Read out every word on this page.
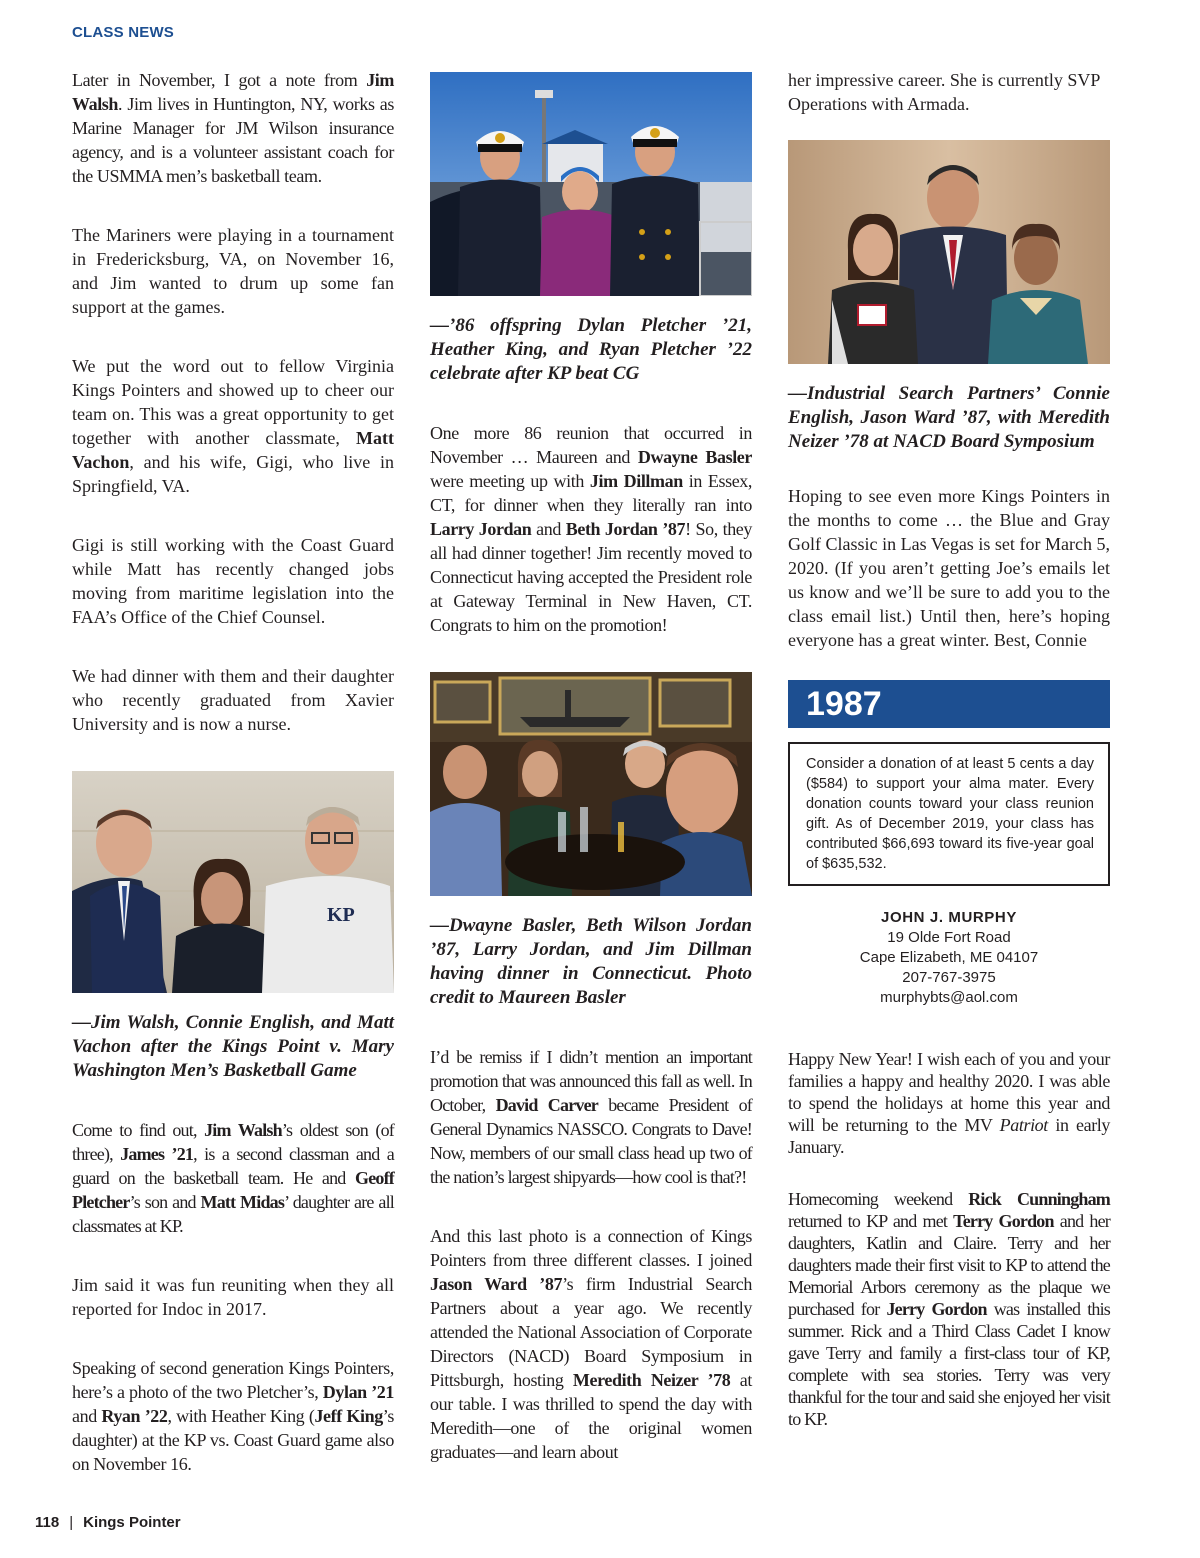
CLASS NEWS

Later in November, I got a note from Jim Walsh. Jim lives in Huntington, NY, works as Marine Manager for JM Wilson insurance agency, and is a volunteer assistant coach for the USMMA men’s basketball team.

The Mariners were playing in a tournament in Fredericksburg, VA, on November 16, and Jim wanted to drum up some fan support at the games.

We put the word out to fellow Virginia Kings Pointers and showed up to cheer our team on. This was a great opportunity to get together with another classmate, Matt Vachon, and his wife, Gigi, who live in Springfield, VA.

Gigi is still working with the Coast Guard while Matt has recently changed jobs moving from maritime legislation into the FAA’s Office of the Chief Counsel.

We had dinner with them and their daughter who recently graduated from Xavier University and is now a nurse.

KP

—Jim Walsh, Connie English, and Matt Vachon after the Kings Point v. Mary Washington Men’s Basketball Game

Come to find out, Jim Walsh’s oldest son (of three), James ’21, is a second classman and a guard on the basketball team. He and Geoff Pletcher’s son and Matt Midas’ daughter are all classmates at KP.

Jim said it was fun reuniting when they all reported for Indoc in 2017.

Speaking of second generation Kings Pointers, here’s a photo of the two Pletcher’s, Dylan ’21 and Ryan ’22, with Heather King (Jeff King’s daughter) at the KP vs. Coast Guard game also on November 16.

—’86 offspring Dylan Pletcher ’21, Heather King, and Ryan Pletcher ’22 celebrate after KP beat CG

One more 86 reunion that occurred in November … Maureen and Dwayne Basler were meeting up with Jim Dillman in Essex, CT, for dinner when they literally ran into Larry Jordan and Beth Jordan ’87! So, they all had dinner together! Jim recently moved to Connecticut having accepted the President role at Gateway Terminal in New Haven, CT. Congrats to him on the promotion!

—Dwayne Basler, Beth Wilson Jordan ’87, Larry Jordan, and Jim Dillman having dinner in Connecticut. Photo credit to Maureen Basler

I’d be remiss if I didn’t mention an important promotion that was announced this fall as well. In October, David Carver became President of General Dynamics NASSCO. Congrats to Dave! Now, members of our small class head up two of the nation’s largest shipyards—how cool is that?!

And this last photo is a connection of Kings Pointers from three different classes. I joined Jason Ward ’87’s firm Industrial Search Partners about a year ago. We recently attended the National Association of Corporate Directors (NACD) Board Symposium in Pittsburgh, hosting Meredith Neizer ’78 at our table. I was thrilled to spend the day with Meredith—one of the original women graduates—and learn about

her impressive career. She is currently SVP Operations with Armada.

—Industrial Search Partners’ Connie English, Jason Ward ’87, with Meredith Neizer ’78 at NACD Board Symposium

Hoping to see even more Kings Pointers in the months to come … the Blue and Gray Golf Classic in Las Vegas is set for March 5, 2020. (If you aren’t getting Joe’s emails let us know and we’ll be sure to add you to the class email list.) Until then, here’s hoping everyone has a great winter. Best, Connie

1987
Consider a donation of at least 5 cents a day ($584) to support your alma mater. Every donation counts toward your class reunion gift. As of December 2019, your class has contributed $66,693 toward its five-year goal of $635,532.
JOHN J. MURPHY
19 Olde Fort Road
Cape Elizabeth, ME 04107
207-767-3975
murphybts@aol.com

Happy New Year! I wish each of you and your families a happy and healthy 2020. I was able to spend the holidays at home this year and will be returning to the MV Patriot in early January.

Homecoming weekend Rick Cunningham returned to KP and met Terry Gordon and her daughters, Katlin and Claire. Terry and her daughters made their first visit to KP to attend the Memorial Arbors ceremony as the plaque we purchased for Jerry Gordon was installed this summer. Rick and a Third Class Cadet I know gave Terry and family a first-class tour of KP, complete with sea stories. Terry was very thankful for the tour and said she enjoyed her visit to KP.

118 | Kings Pointer
